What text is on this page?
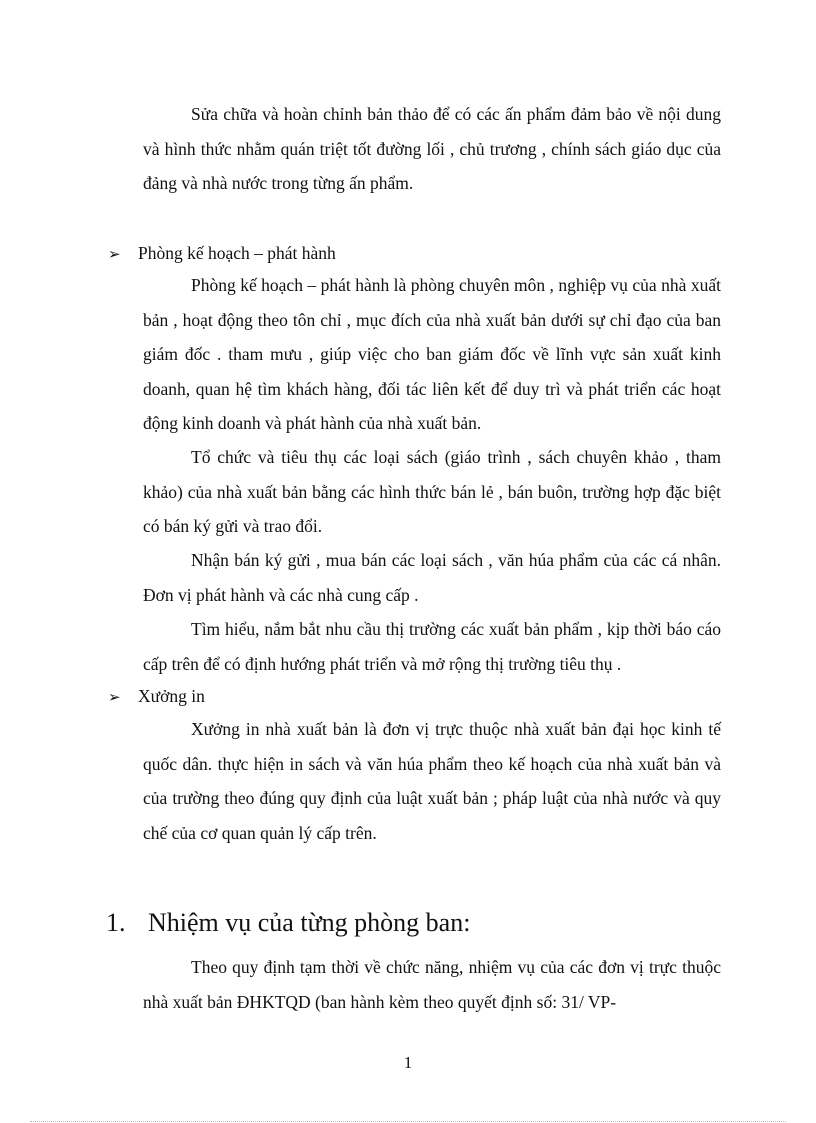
Sửa chữa và hoàn chỉnh bản thảo để có các ấn phẩm đảm bảo về nội dung và hình thức nhằm quán triệt tốt đường lối , chủ trương , chính sách giáo dục của đảng và nhà nước trong từng ấn phẩm.

➢ Phòng kế hoạch – phát hành

Phòng kế hoạch – phát hành là phòng chuyên môn , nghiệp vụ của nhà xuất bản , hoạt động theo tôn chỉ , mục đích của nhà xuất bản dưới sự chỉ đạo của ban giám đốc . tham mưu , giúp việc cho ban giám đốc về lĩnh vực sản xuất kinh doanh, quan hệ tìm khách hàng, đối tác liên kết để duy trì và phát triển các hoạt động kinh doanh và phát hành của nhà xuất bản.

Tổ chức và tiêu thụ các loại sách (giáo trình , sách chuyên khảo , tham khảo) của nhà xuất bản bằng các hình thức bán lẻ , bán buôn, trường hợp đặc biệt có bán ký gửi và trao đổi.

Nhận bán ký gửi , mua bán các loại sách , văn húa phẩm của các cá nhân. Đơn vị phát hành và các nhà cung cấp .

Tìm hiểu, nắm bắt nhu cầu thị trường các xuất bản phẩm , kịp thời báo cáo cấp trên để có định hướng phát triển và mở rộng thị trường tiêu thụ .

➢ Xưởng in

Xưởng in nhà xuất bản là đơn vị trực thuộc nhà xuất bản đại học kinh tế quốc dân. thực hiện in sách và văn húa phẩm theo kế hoạch của nhà xuất bản và của trường theo đúng quy định của luật xuất bản ; pháp luật của nhà nước và quy chế của cơ quan quản lý cấp trên.

1. Nhiệm vụ của từng phòng ban:

Theo quy định tạm thời về chức năng, nhiệm vụ của các đơn vị trực thuộc nhà xuất bản ĐHKTQD (ban hành kèm theo quyết định số: 31/ VP-

1
